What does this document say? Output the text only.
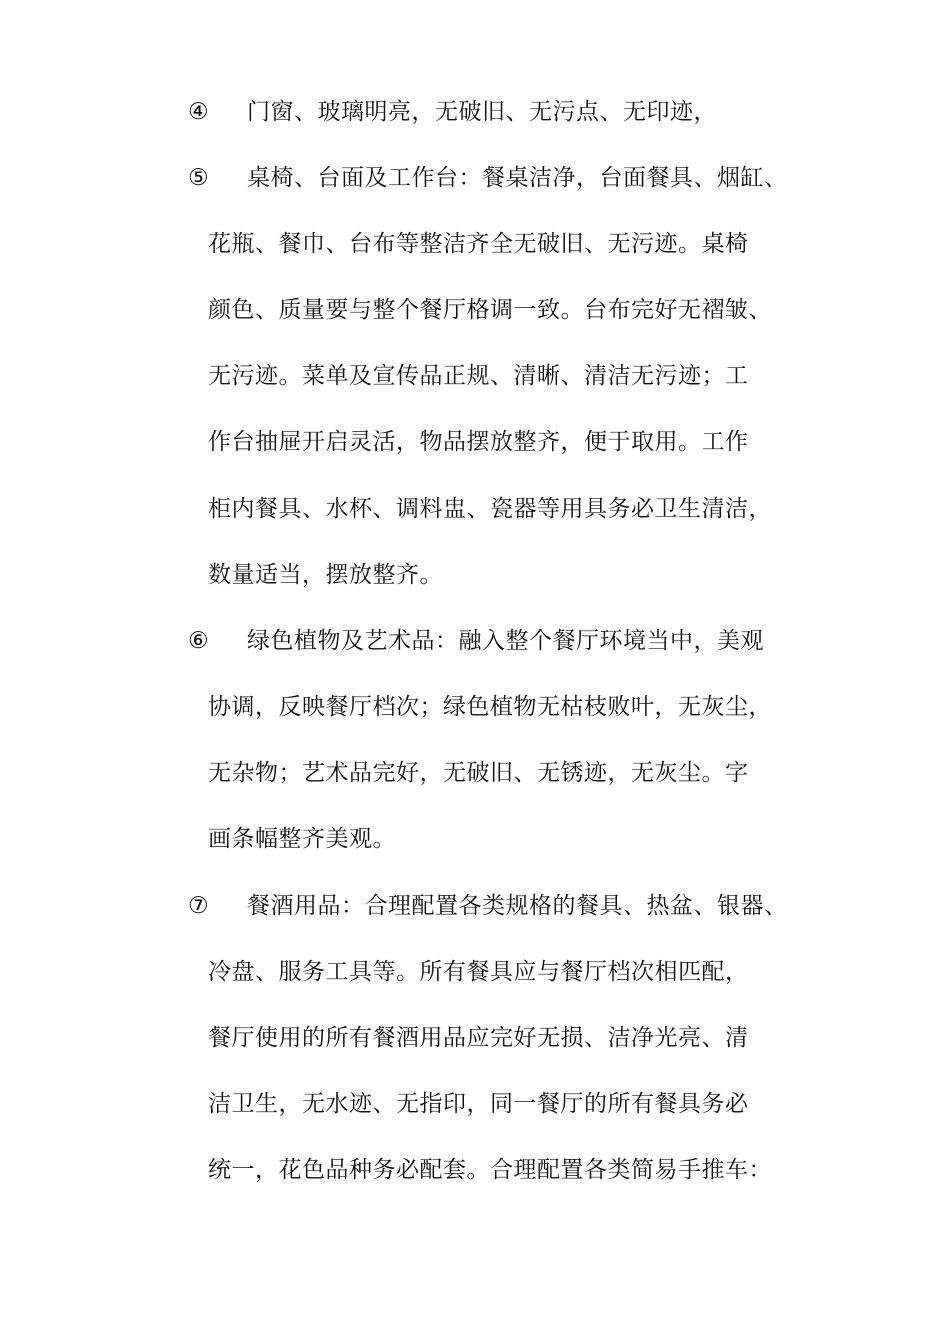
④	门窗、玻璃明亮，无破旧、无污点、无印迹，
⑤	桌椅、台面及工作台：餐桌洁净，台面餐具、烟缸、
花瓶、餐巾、台布等整洁齐全无破旧、无污迹。桌椅
颜色、质量要与整个餐厅格调一致。台布完好无褶皱、
无污迹。菜单及宣传品正规、清晰、清洁无污迹；工
作台抽屉开启灵活，物品摆放整齐，便于取用。工作
柜内餐具、水杯、调料盅、瓷器等用具务必卫生清洁，
数量适当，摆放整齐。
⑥	绿色植物及艺术品：融入整个餐厅环境当中，美观
协调，反映餐厅档次；绿色植物无枯枝败叶，无灰尘，
无杂物；艺术品完好，无破旧、无锈迹，无灰尘。字
画条幅整齐美观。
⑦	餐酒用品：合理配置各类规格的餐具、热盆、银器、
冷盘、服务工具等。所有餐具应与餐厅档次相匹配，
餐厅使用的所有餐酒用品应完好无损、洁净光亮、清
洁卫生，无水迹、无指印，同一餐厅的所有餐具务必
统一，花色品种务必配套。合理配置各类简易手推车：
